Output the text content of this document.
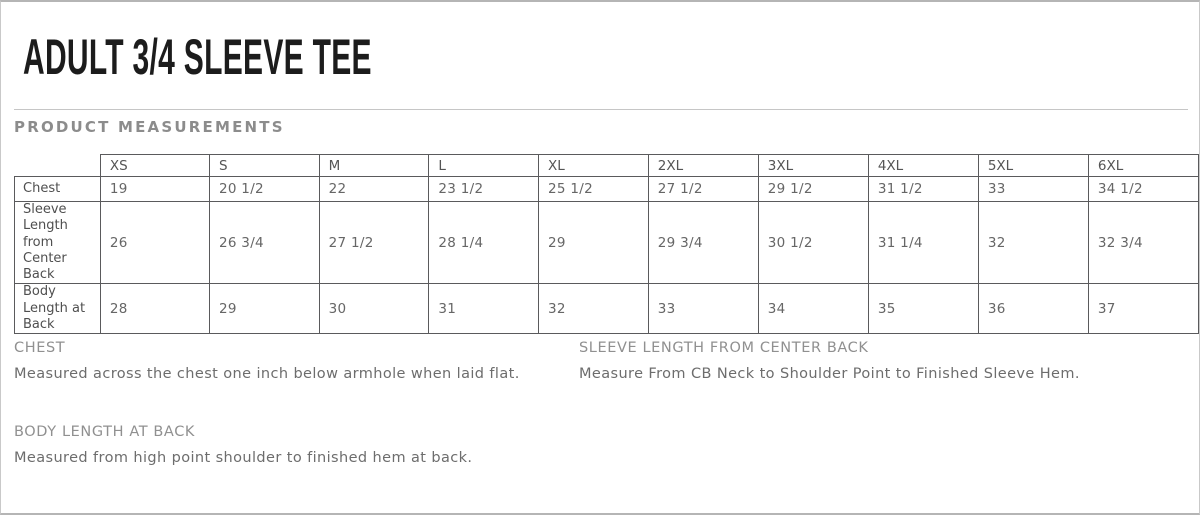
ADULT 3/4 SLEEVE TEE
PRODUCT MEASUREMENTS
	XS	S	M	L	XL	2XL	3XL	4XL	5XL	6XL
Chest	19	20 1/2	22	23 1/2	25 1/2	27 1/2	29 1/2	31 1/2	33	34 1/2
Sleeve Length from Center Back	26	26 3/4	27 1/2	28 1/4	29	29 3/4	30 1/2	31 1/4	32	32 3/4
Body Length at Back	28	29	30	31	32	33	34	35	36	37

CHEST

Measured across the chest one inch below armhole when laid flat.

SLEEVE LENGTH FROM CENTER BACK

Measure From CB Neck to Shoulder Point to Finished Sleeve Hem.

BODY LENGTH AT BACK

Measured from high point shoulder to finished hem at back.
